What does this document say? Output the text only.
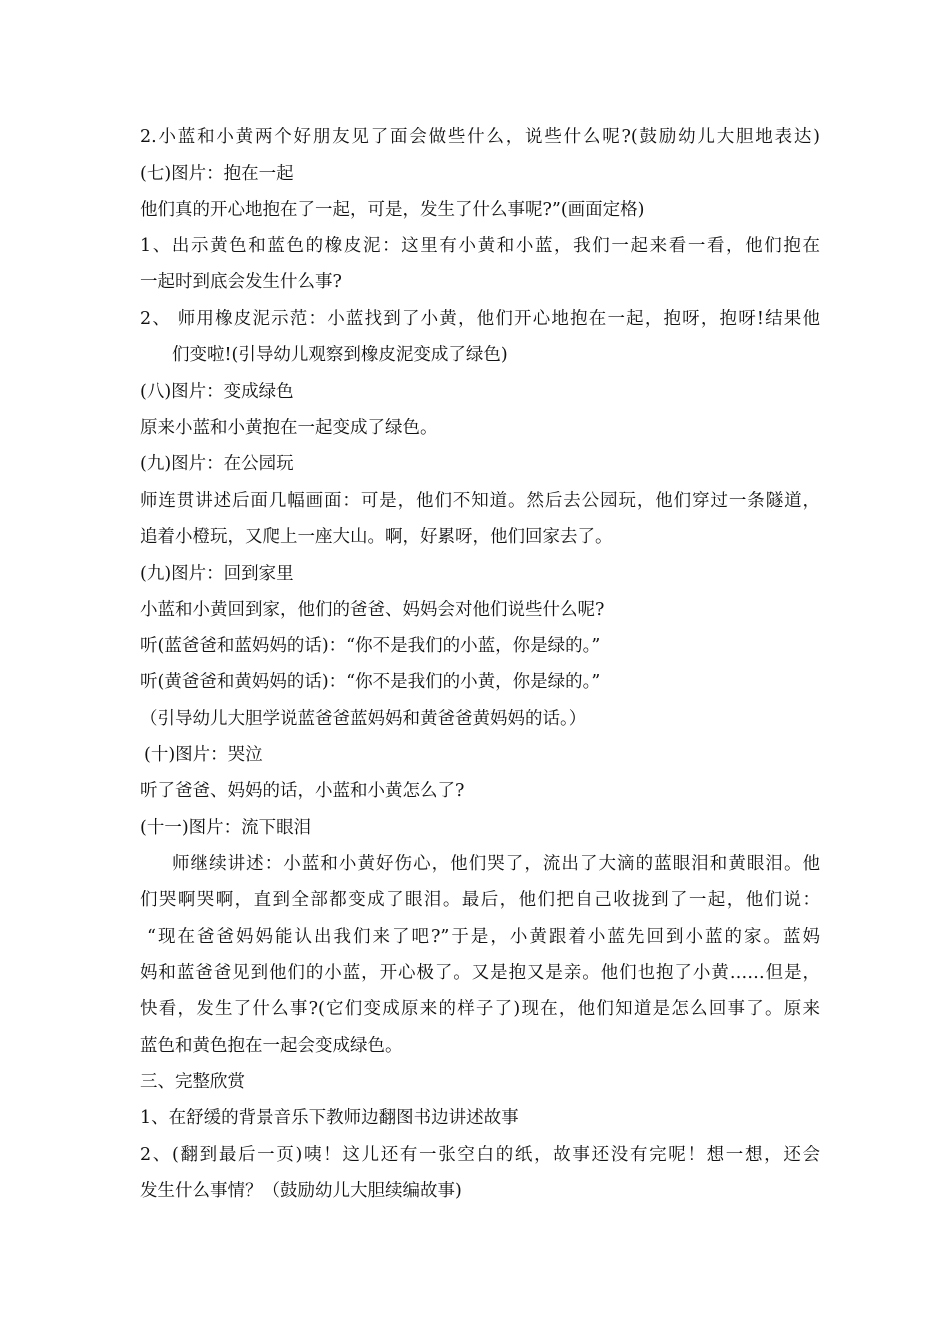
2.小蓝和小黄两个好朋友见了面会做些什么，说些什么呢?(鼓励幼儿大胆地表达)
(七)图片：抱在一起
他们真的开心地抱在了一起，可是，发生了什么事呢?”(画面定格)
1、出示黄色和蓝色的橡皮泥：这里有小黄和小蓝，我们一起来看一看，他们抱在
一起时到底会发生什么事?
2、 师用橡皮泥示范：小蓝找到了小黄，他们开心地抱在一起，抱呀，抱呀!结果他
们变啦!(引导幼儿观察到橡皮泥变成了绿色)
(八)图片：变成绿色
原来小蓝和小黄抱在一起变成了绿色。
(九)图片：在公园玩
师连贯讲述后面几幅画面：可是，他们不知道。然后去公园玩，他们穿过一条隧道，
追着小橙玩，又爬上一座大山。啊，好累呀，他们回家去了。
(九)图片：回到家里
小蓝和小黄回到家，他们的爸爸、妈妈会对他们说些什么呢?
听(蓝爸爸和蓝妈妈的话)：“你不是我们的小蓝，你是绿的。”
听(黄爸爸和黄妈妈的话)：“你不是我们的小黄，你是绿的。”
（引导幼儿大胆学说蓝爸爸蓝妈妈和黄爸爸黄妈妈的话。）
(十)图片：哭泣
听了爸爸、妈妈的话，小蓝和小黄怎么了?
(十一)图片：流下眼泪
师继续讲述：小蓝和小黄好伤心，他们哭了，流出了大滴的蓝眼泪和黄眼泪。他
们哭啊哭啊，直到全部都变成了眼泪。最后，他们把自己收拢到了一起，他们说：
“现在爸爸妈妈能认出我们来了吧?”于是，小黄跟着小蓝先回到小蓝的家。蓝妈
妈和蓝爸爸见到他们的小蓝，开心极了。又是抱又是亲。他们也抱了小黄……但是，
快看，发生了什么事?(它们变成原来的样子了)现在，他们知道是怎么回事了。原来
蓝色和黄色抱在一起会变成绿色。
三、完整欣赏
1、在舒缓的背景音乐下教师边翻图书边讲述故事
2、(翻到最后一页)咦！这儿还有一张空白的纸，故事还没有完呢！想一想，还会
发生什么事情？（鼓励幼儿大胆续编故事)
